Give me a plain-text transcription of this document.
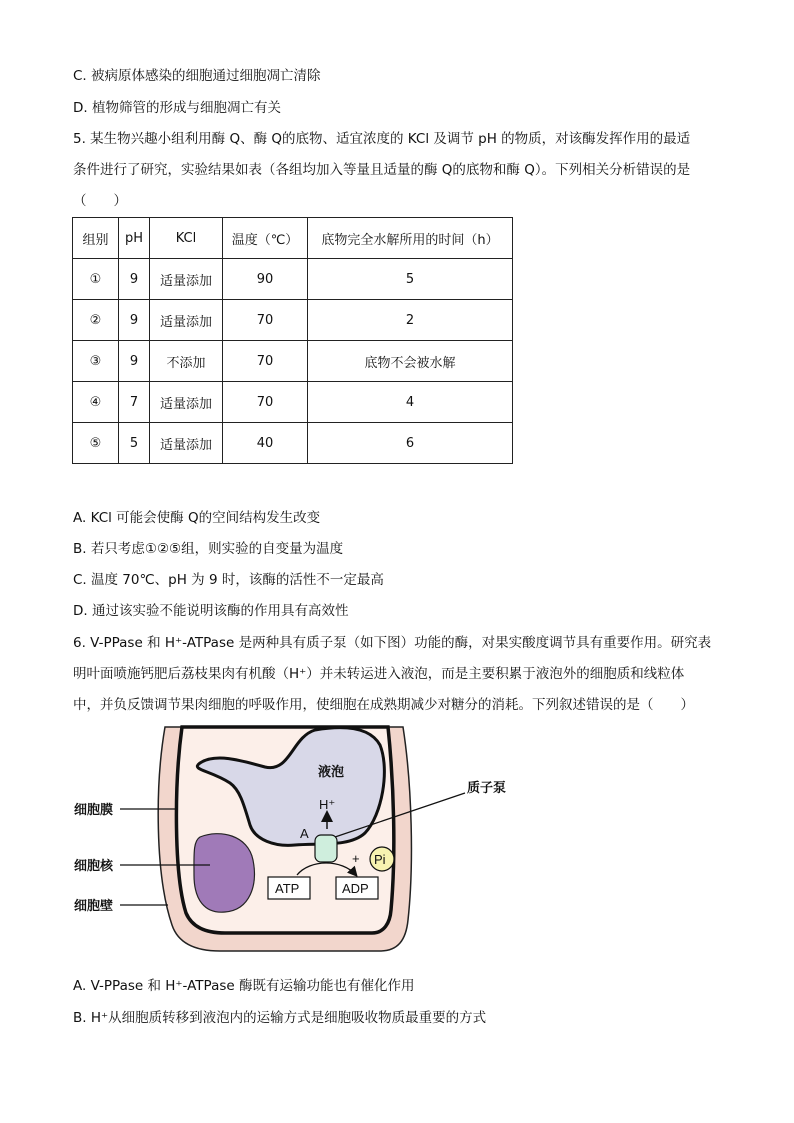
C. 被病原体感染的细胞通过细胞凋亡清除
D. 植物筛管的形成与细胞凋亡有关
5. 某生物兴趣小组利用酶 Q、酶 Q的底物、适宜浓度的 KCl 及调节 pH 的物质，对该酶发挥作用的最适
条件进行了研究，实验结果如表（各组均加入等量且适量的酶 Q的底物和酶 Q）。下列相关分析错误的是
（　　）
组别	pH	KCl	温度（℃）	底物完全水解所用的时间（h）
①	9	适量添加	90	5
②	9	适量添加	70	2
③	9	不添加	70	底物不会被水解
④	7	适量添加	70	4
⑤	5	适量添加	40	6
A. KCl 可能会使酶 Q的空间结构发生改变
B. 若只考虑①②⑤组，则实验的自变量为温度
C. 温度 70℃、pH 为 9 时，该酶的活性不一定最高
D. 通过该实验不能说明该酶的作用具有高效性
6. V-PPase 和 H⁺-ATPase 是两种具有质子泵（如下图）功能的酶，对果实酸度调节具有重要作用。研究表
明叶面喷施钙肥后荔枝果肉有机酸（H⁺）并未转运进入液泡，而是主要积累于液泡外的细胞质和线粒体
中，并负反馈调节果肉细胞的呼吸作用，使细胞在成熟期减少对糖分的消耗。下列叙述错误的是（　　）
液泡
H⁺
A
质子泵
ATP	ADP
+ Pi
细胞膜
细胞核
细胞壁
A. V-PPase 和 H⁺-ATPase 酶既有运输功能也有催化作用
B. H⁺从细胞质转移到液泡内的运输方式是细胞吸收物质最重要的方式
